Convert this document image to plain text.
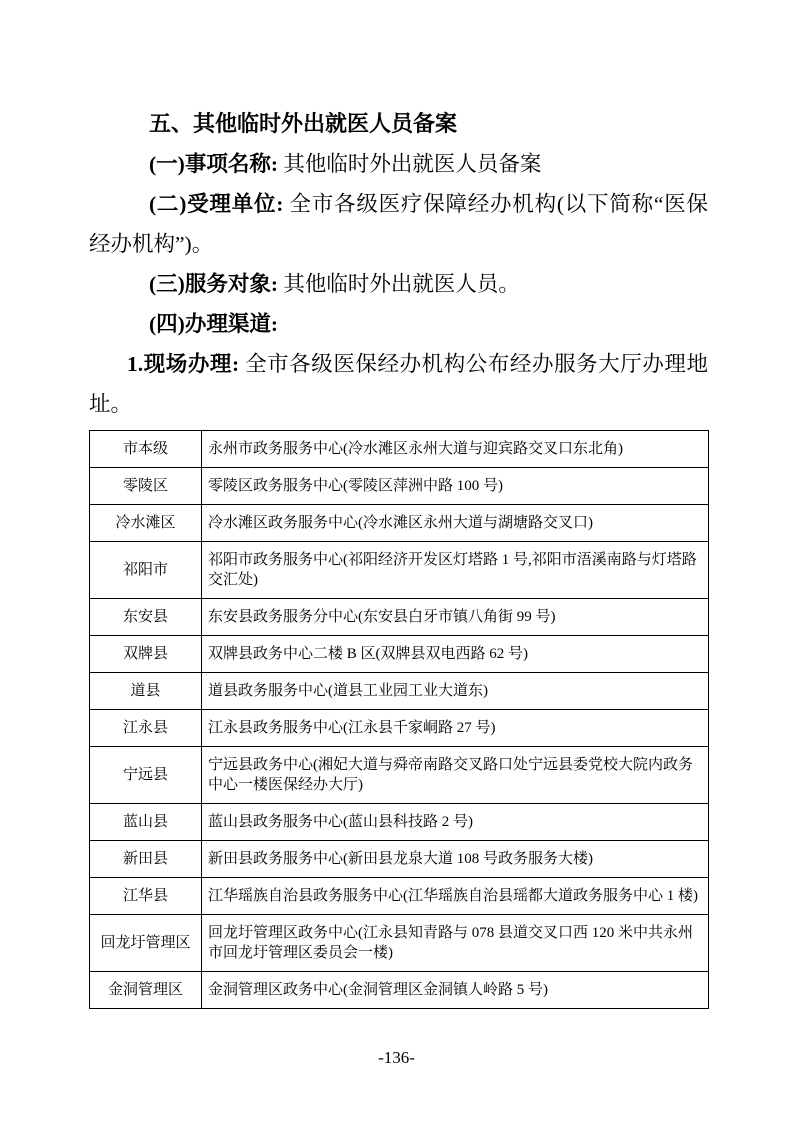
五、其他临时外出就医人员备案

(一)事项名称: 其他临时外出就医人员备案

(二)受理单位: 全市各级医疗保障经办机构(以下简称“医保经办机构”)。

(三)服务对象: 其他临时外出就医人员。

(四)办理渠道:

1.现场办理: 全市各级医保经办机构公布经办服务大厅办理地址。

市本级	永州市政务服务中心(冷水滩区永州大道与迎宾路交叉口东北角)
零陵区	零陵区政务服务中心(零陵区萍洲中路 100 号)
冷水滩区	冷水滩区政务服务中心(冷水滩区永州大道与湖塘路交叉口)
祁阳市	祁阳市政务服务中心(祁阳经济开发区灯塔路 1 号,祁阳市浯溪南路与灯塔路交汇处)
东安县	东安县政务服务分中心(东安县白牙市镇八角街 99 号)
双牌县	双牌县政务中心二楼 B 区(双牌县双电西路 62 号)
道县	道县政务服务中心(道县工业园工业大道东)
江永县	江永县政务服务中心(江永县千家峒路 27 号)
宁远县	宁远县政务中心(湘妃大道与舜帝南路交叉路口处宁远县委党校大院内政务中心一楼医保经办大厅)
蓝山县	蓝山县政务服务中心(蓝山县科技路 2 号)
新田县	新田县政务服务中心(新田县龙泉大道 108 号政务服务大楼)
江华县	江华瑶族自治县政务服务中心(江华瑶族自治县瑶都大道政务服务中心 1 楼)
回龙圩管理区	回龙圩管理区政务中心(江永县知青路与 078 县道交叉口西 120 米中共永州市回龙圩管理区委员会一楼)
金洞管理区	金洞管理区政务中心(金洞管理区金洞镇人岭路 5 号)
-136-
